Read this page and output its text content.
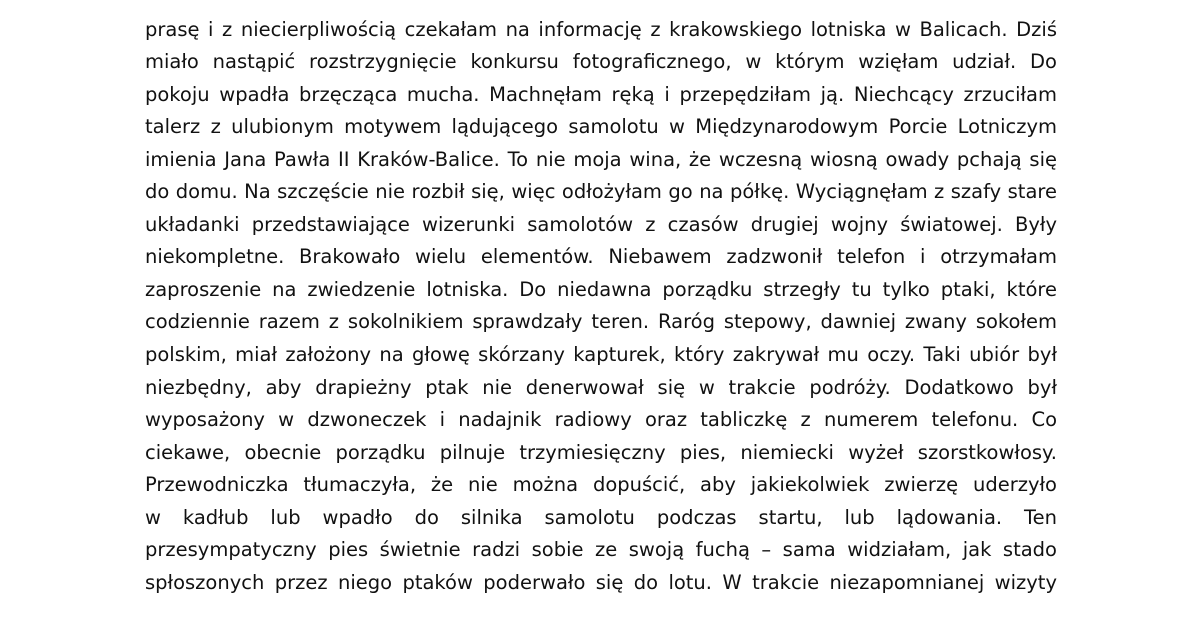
prasę i z niecierpliwością czekałam na informację z krakowskiego lotniska w Balicach. Dziś
miało nastąpić rozstrzygnięcie konkursu fotograficznego, w którym wzięłam udział. Do
pokoju wpadła brzęcząca mucha. Machnęłam ręką i przepędziłam ją. Niechcący zrzuciłam
talerz z ulubionym motywem lądującego samolotu w Międzynarodowym Porcie Lotniczym
imienia Jana Pawła II Kraków-Balice. To nie moja wina, że wczesną wiosną owady pchają się
do domu. Na szczęście nie rozbił się, więc odłożyłam go na półkę. Wyciągnęłam z szafy stare
układanki przedstawiające wizerunki samolotów z czasów drugiej wojny światowej. Były
niekompletne. Brakowało wielu elementów. Niebawem zadzwonił telefon i otrzymałam
zaproszenie na zwiedzenie lotniska. Do niedawna porządku strzegły tu tylko ptaki, które
codziennie razem z sokolnikiem sprawdzały teren. Raróg stepowy, dawniej zwany sokołem
polskim, miał założony na głowę skórzany kapturek, który zakrywał mu oczy. Taki ubiór był
niezbędny, aby drapieżny ptak nie denerwował się w trakcie podróży. Dodatkowo był
wyposażony w dzwoneczek i nadajnik radiowy oraz tabliczkę z numerem telefonu. Co
ciekawe, obecnie porządku pilnuje trzymiesięczny pies, niemiecki wyżeł szorstkowłosy.
Przewodniczka tłumaczyła, że nie można dopuścić, aby jakiekolwiek zwierzę uderzyło
w kadłub lub wpadło do silnika samolotu podczas startu, lub lądowania. Ten
przesympatyczny pies świetnie radzi sobie ze swoją fuchą – sama widziałam, jak stado
spłoszonych przez niego ptaków poderwało się do lotu. W trakcie niezapomnianej wizyty
